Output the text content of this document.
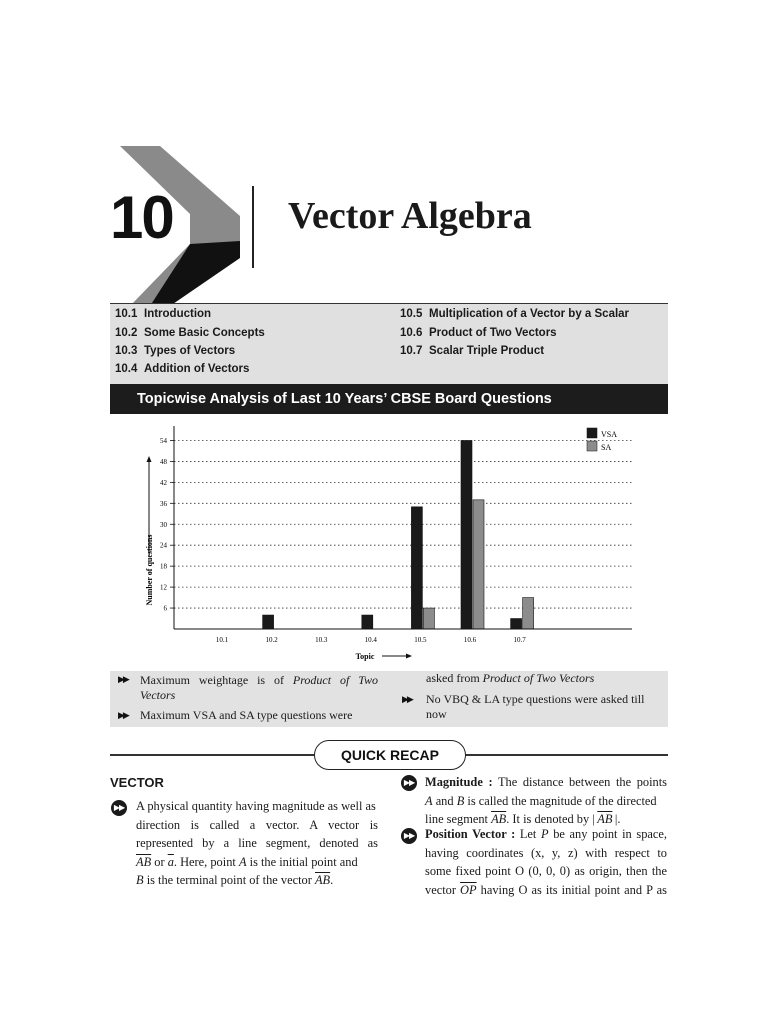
10	Vector Algebra
10.1 Introduction
10.2 Some Basic Concepts
10.3 Types of Vectors
10.4 Addition of Vectors
10.5 Multiplication of a Vector by a Scalar
10.6 Product of Two Vectors
10.7 Scalar Triple Product
Topicwise Analysis of Last 10 Years’ CBSE Board Questions
6
12
18
24
30
36
42
48
54
10.1	10.2	10.3	10.4	10.5	10.6	10.7
Number of questions
Topic
VSA
SA
▶▶ Maximum weightage is of Product of Two Vectors
▶▶ Maximum VSA and SA type questions were
asked from Product of Two Vectors
▶▶ No VBQ & LA type questions were asked till now
QUICK RECAP
VECTOR
▶▶ A physical quantity having magnitude as well as
direction is called a vector. A vector is
represented by a line segment, denoted as
$\overline{AB}$ or $\overline{a}$. Here, point A is the initial point and
B is the terminal point of the vector $\overline{AB}$.
▶▶ Magnitude : The distance between the points
A and B is called the magnitude of the directed
line segment $\overline{AB}$. It is denoted by | $\overline{AB}$ |.
▶▶ Position Vector : Let P be any point in space,
having coordinates (x, y, z) with respect to
some fixed point O (0, 0, 0) as origin, then the
vector $\overline{OP}$ having O as its initial point and P as
